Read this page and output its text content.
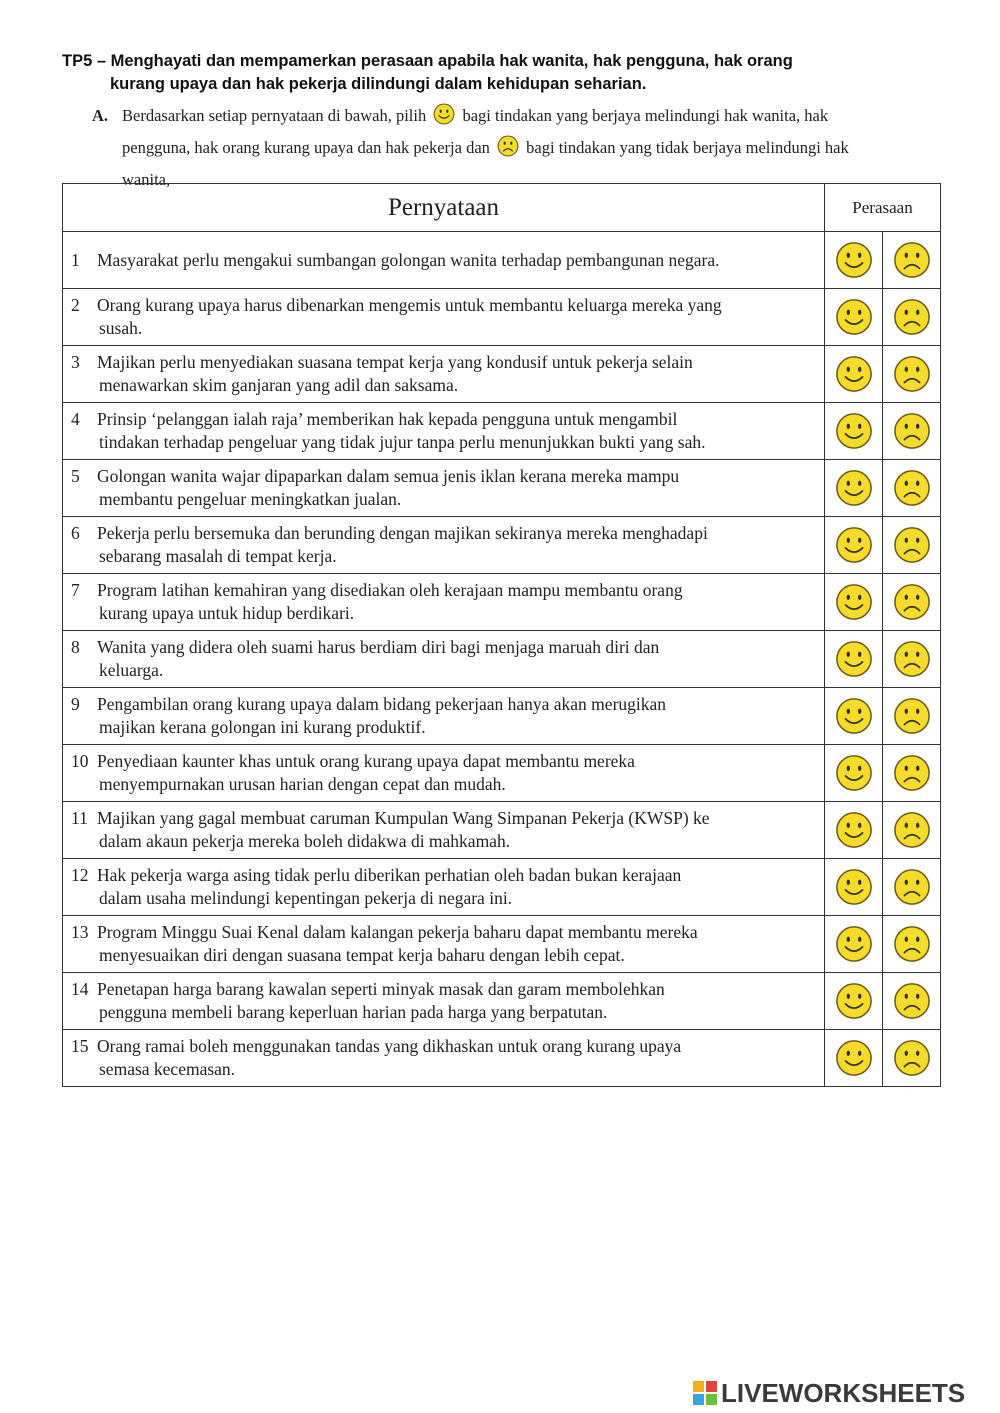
TP5 – Menghayati dan mempamerkan perasaan apabila hak wanita, hak pengguna, hak orang
kurang upaya dan hak pekerja dilindungi dalam kehidupan seharian.
A. Berdasarkan setiap pernyataan di bawah, pilih bagi tindakan yang berjaya melindungi hak wanita, hak
pengguna, hak orang kurang upaya dan hak pekerja dan bagi tindakan yang tidak berjaya melindungi hak
wanita,
Pernyataan	Perasaan	
1 Masyarakat perlu mengakui sumbangan golongan wanita terhadap pembangunan negara.

2 Orang kurang upaya harus dibenarkan mengemis untuk membantu keluarga mereka yang
susah.

3 Majikan perlu menyediakan suasana tempat kerja yang kondusif untuk pekerja selain
menawarkan skim ganjaran yang adil dan saksama.

4 Prinsip ‘pelanggan ialah raja’ memberikan hak kepada pengguna untuk mengambil
tindakan terhadap pengeluar yang tidak jujur tanpa perlu menunjukkan bukti yang sah.

5 Golongan wanita wajar dipaparkan dalam semua jenis iklan kerana mereka mampu
membantu pengeluar meningkatkan jualan.

6 Pekerja perlu bersemuka dan berunding dengan majikan sekiranya mereka menghadapi
sebarang masalah di tempat kerja.

7 Program latihan kemahiran yang disediakan oleh kerajaan mampu membantu orang
kurang upaya untuk hidup berdikari.

8 Wanita yang didera oleh suami harus berdiam diri bagi menjaga maruah diri dan
keluarga.

9 Pengambilan orang kurang upaya dalam bidang pekerjaan hanya akan merugikan
majikan kerana golongan ini kurang produktif.

10 Penyediaan kaunter khas untuk orang kurang upaya dapat membantu mereka
menyempurnakan urusan harian dengan cepat dan mudah.

11 Majikan yang gagal membuat caruman Kumpulan Wang Simpanan Pekerja (KWSP) ke
dalam akaun pekerja mereka boleh didakwa di mahkamah.

12 Hak pekerja warga asing tidak perlu diberikan perhatian oleh badan bukan kerajaan
dalam usaha melindungi kepentingan pekerja di negara ini.

13 Program Minggu Suai Kenal dalam kalangan pekerja baharu dapat membantu mereka
menyesuaikan diri dengan suasana tempat kerja baharu dengan lebih cepat.

14 Penetapan harga barang kawalan seperti minyak masak dan garam membolehkan
pengguna membeli barang keperluan harian pada harga yang berpatutan.

15 Orang ramai boleh menggunakan tandas yang dikhaskan untuk orang kurang upaya
semasa kecemasan.

LIVEWORKSHEETS
